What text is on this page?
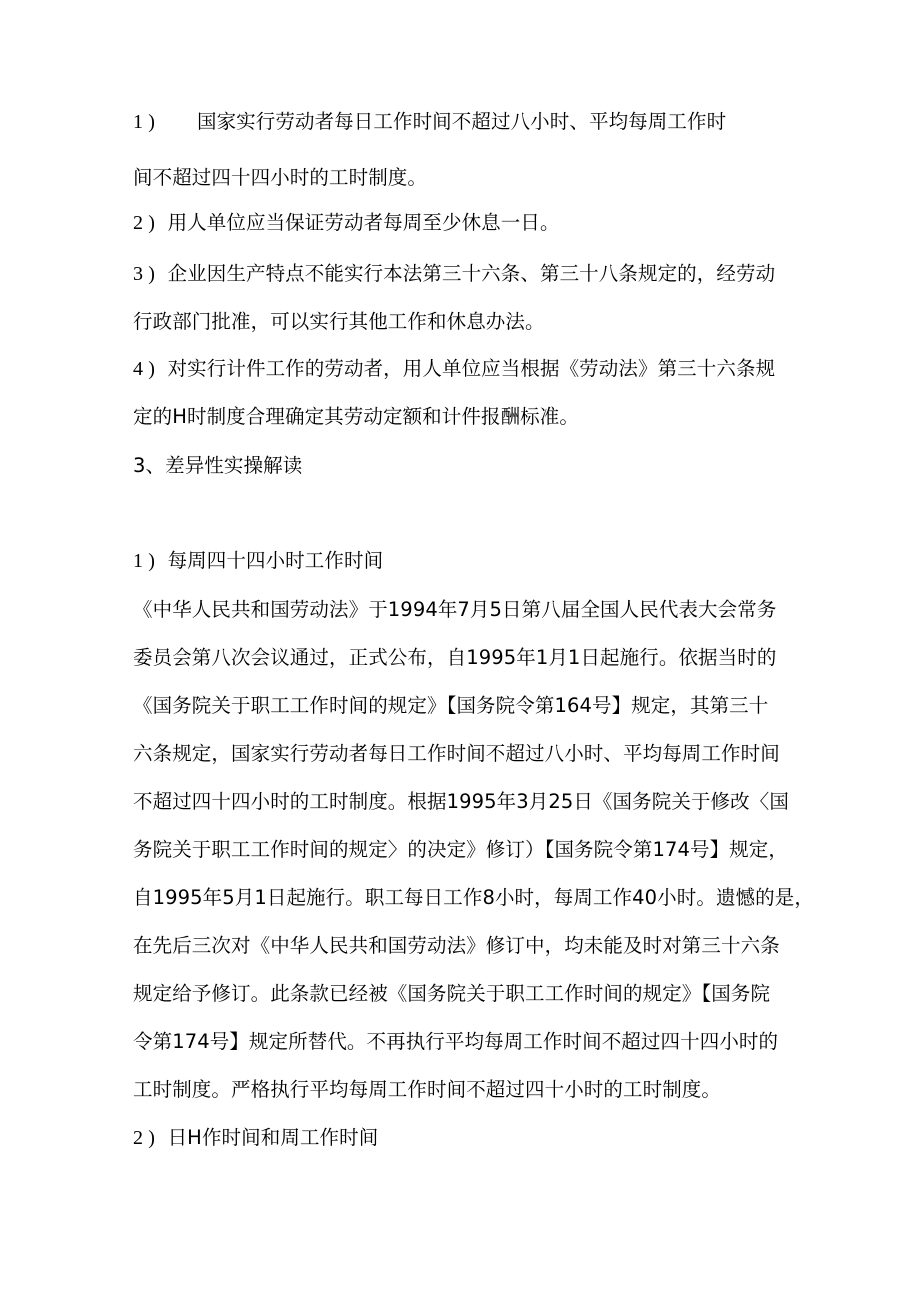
1 ) 国家实行劳动者每日工作时间不超过八小时、平均每周工作时
间不超过四十四小时的工时制度。
2 ) 用人单位应当保证劳动者每周至少休息一日。
3 ) 企业因生产特点不能实行本法第三十六条、第三十八条规定的，经劳动
行政部门批准，可以实行其他工作和休息办法。
4 ) 对实行计件工作的劳动者，用人单位应当根据《劳动法》第三十六条规
定的H时制度合理确定其劳动定额和计件报酬标准。
3、差异性实操解读
1 ) 每周四十四小时工作时间
《中华人民共和国劳动法》于1994年7月5日第八届全国人民代表大会常务
委员会第八次会议通过，正式公布，自1995年1月1日起施行。依据当时的
《国务院关于职工工作时间的规定》【国务院令第164号】规定，其第三十
六条规定，国家实行劳动者每日工作时间不超过八小时、平均每周工作时间
不超过四十四小时的工时制度。根据1995年3月25日《国务院关于修改〈国
务院关于职工工作时间的规定〉的决定》修订）【国务院令第174号】规定，
自1995年5月1日起施行。职工每日工作8小时，每周工作40小时。遗憾的是，
在先后三次对《中华人民共和国劳动法》修订中，均未能及时对第三十六条
规定给予修订。此条款已经被《国务院关于职工工作时间的规定》【国务院
令第174号】规定所替代。不再执行平均每周工作时间不超过四十四小时的
工时制度。严格执行平均每周工作时间不超过四十小时的工时制度。
2 ) 日H作时间和周工作时间
